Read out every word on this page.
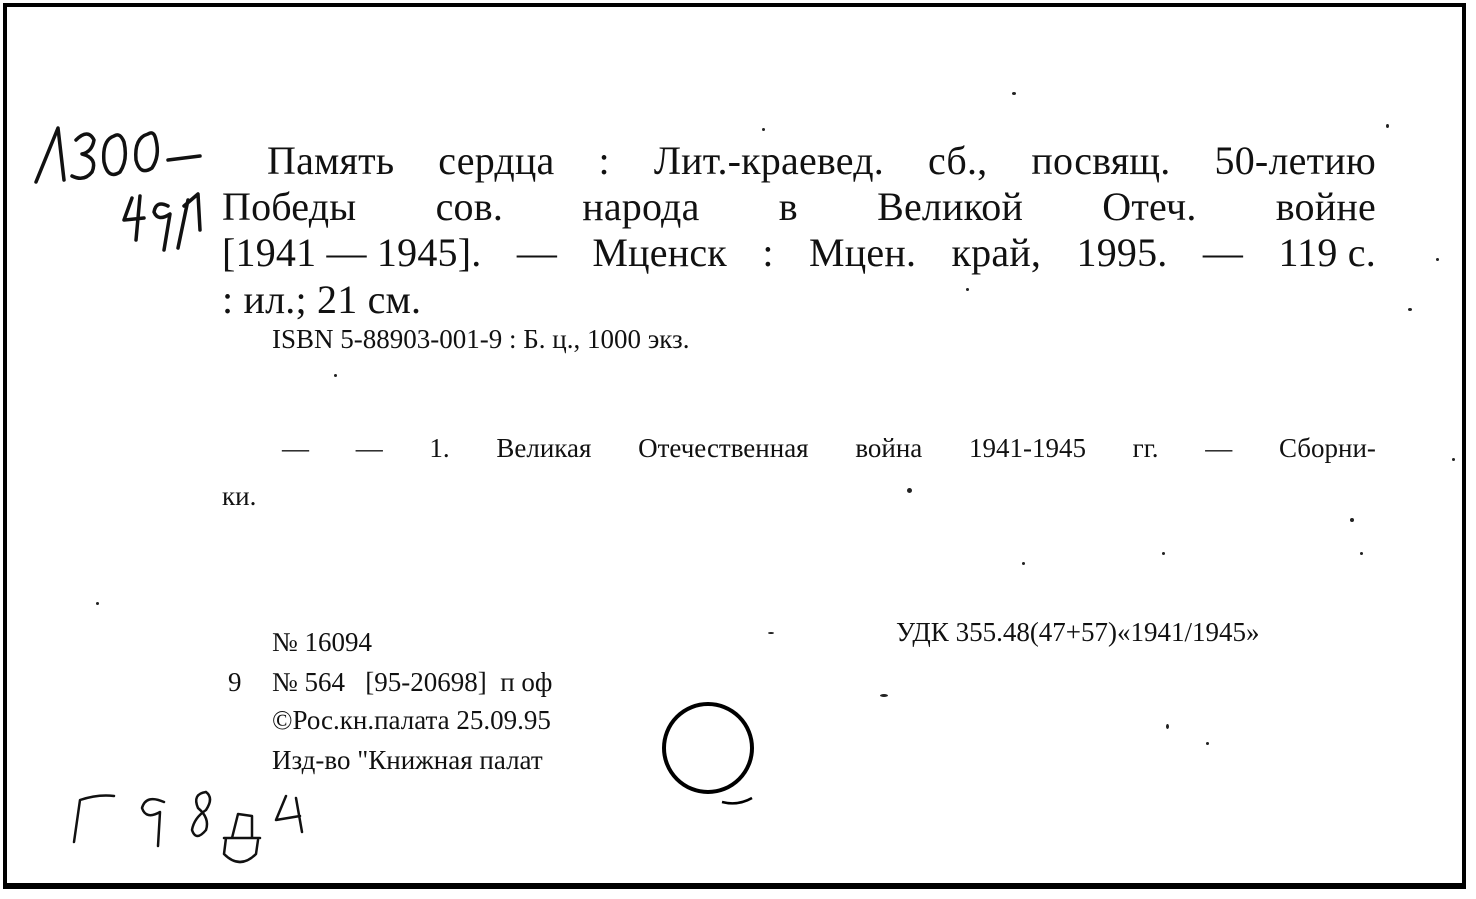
Память сердца : Лит.-краевед. сб., посвящ. 50-летию
Победы сов. народа в Великой Отеч. войне
[1941 — 1945]. — Мценск : Мцен. край, 1995. — 119 с.
: ил.; 21 см.
ISBN 5-88903-001-9 : Б. ц., 1000 экз.
— — 1. Великая Отечественная война 1941-1945 гг. — Сборни-
ки.
№ 16094	УДК 355.48(47+57)«1941/1945»
9 № 564   [95-20698]  п оф
©Рос.кн.палата 25.09.95
Изд-во "Книжная палат
